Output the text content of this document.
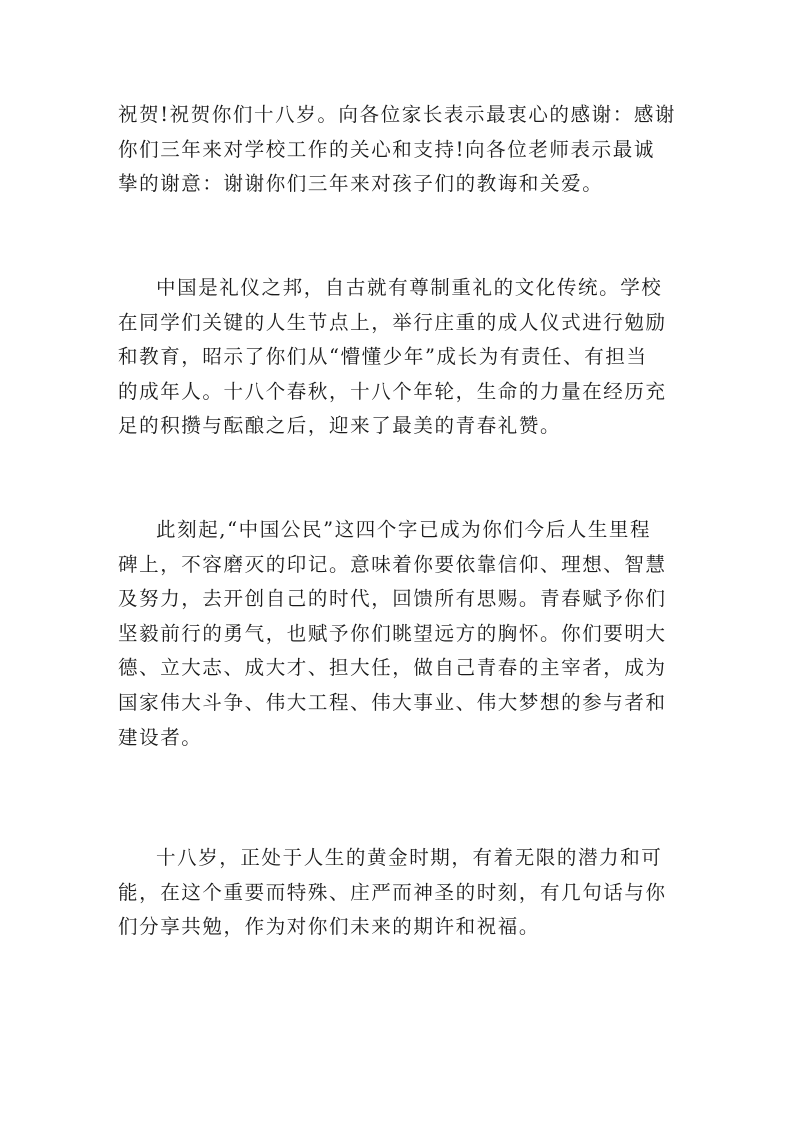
祝贺!祝贺你们十八岁。向各位家长表示最衷心的感谢：感谢
你们三年来对学校工作的关心和支持!向各位老师表示最诚
挚的谢意：谢谢你们三年来对孩子们的教诲和关爱。

中国是礼仪之邦，自古就有尊制重礼的文化传统。学校
在同学们关键的人生节点上，举行庄重的成人仪式进行勉励
和教育，昭示了你们从“懵懂少年”成长为有责任、有担当
的成年人。十八个春秋，十八个年轮，生命的力量在经历充
足的积攒与酝酿之后，迎来了最美的青春礼赞。

此刻起,“中国公民”这四个字已成为你们今后人生里程
碑上，不容磨灭的印记。意味着你要依靠信仰、理想、智慧
及努力，去开创自己的时代，回馈所有思赐。青春赋予你们
坚毅前行的勇气，也赋予你们眺望远方的胸怀。你们要明大
德、立大志、成大才、担大任，做自己青春的主宰者，成为
国家伟大斗争、伟大工程、伟大事业、伟大梦想的参与者和
建设者。

十八岁，正处于人生的黄金时期，有着无限的潜力和可
能，在这个重要而特殊、庄严而神圣的时刻，有几句话与你
们分享共勉，作为对你们未来的期许和祝福。
